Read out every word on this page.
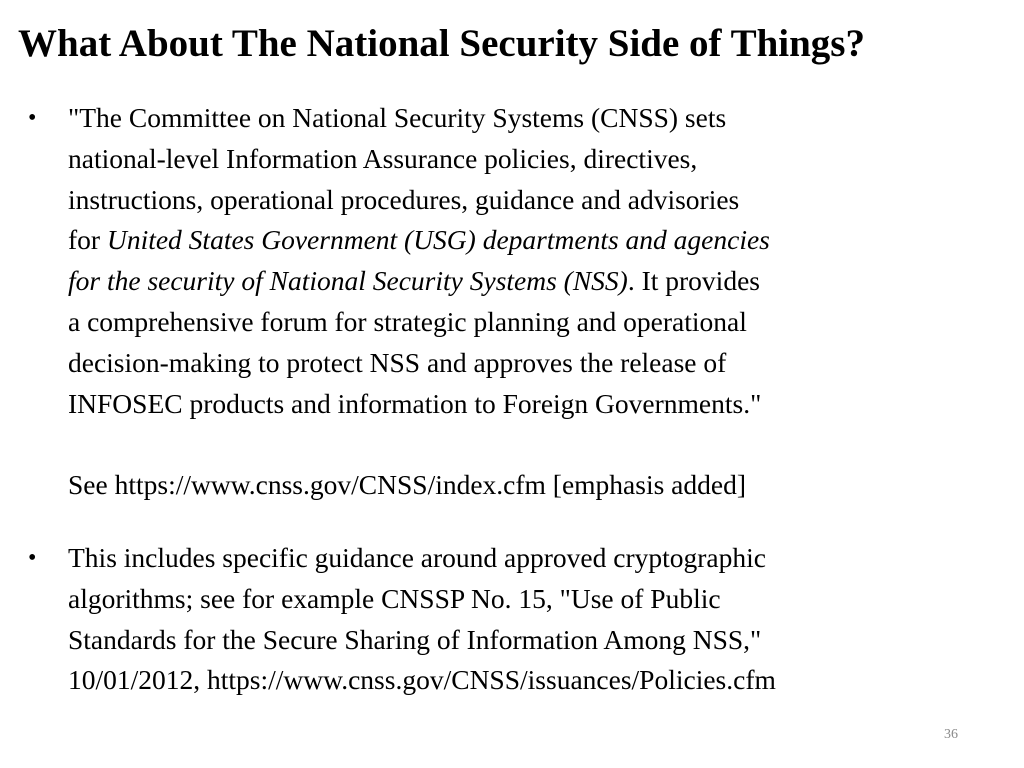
What About The National Security Side of Things?
•	"The Committee on National Security Systems (CNSS) sets
national-level Information Assurance policies, directives,
instructions, operational procedures, guidance and advisories
for United States Government (USG) departments and agencies
for the security of National Security Systems (NSS). It provides
a comprehensive forum for strategic planning and operational
decision-making to protect NSS and approves the release of
INFOSEC products and information to Foreign Governments."
See https://www.cnss.gov/CNSS/index.cfm [emphasis added]
•	This includes specific guidance around approved cryptographic
algorithms; see for example CNSSP No. 15, "Use of Public
Standards for the Secure Sharing of Information Among NSS,"
10/01/2012, https://www.cnss.gov/CNSS/issuances/Policies.cfm
36
